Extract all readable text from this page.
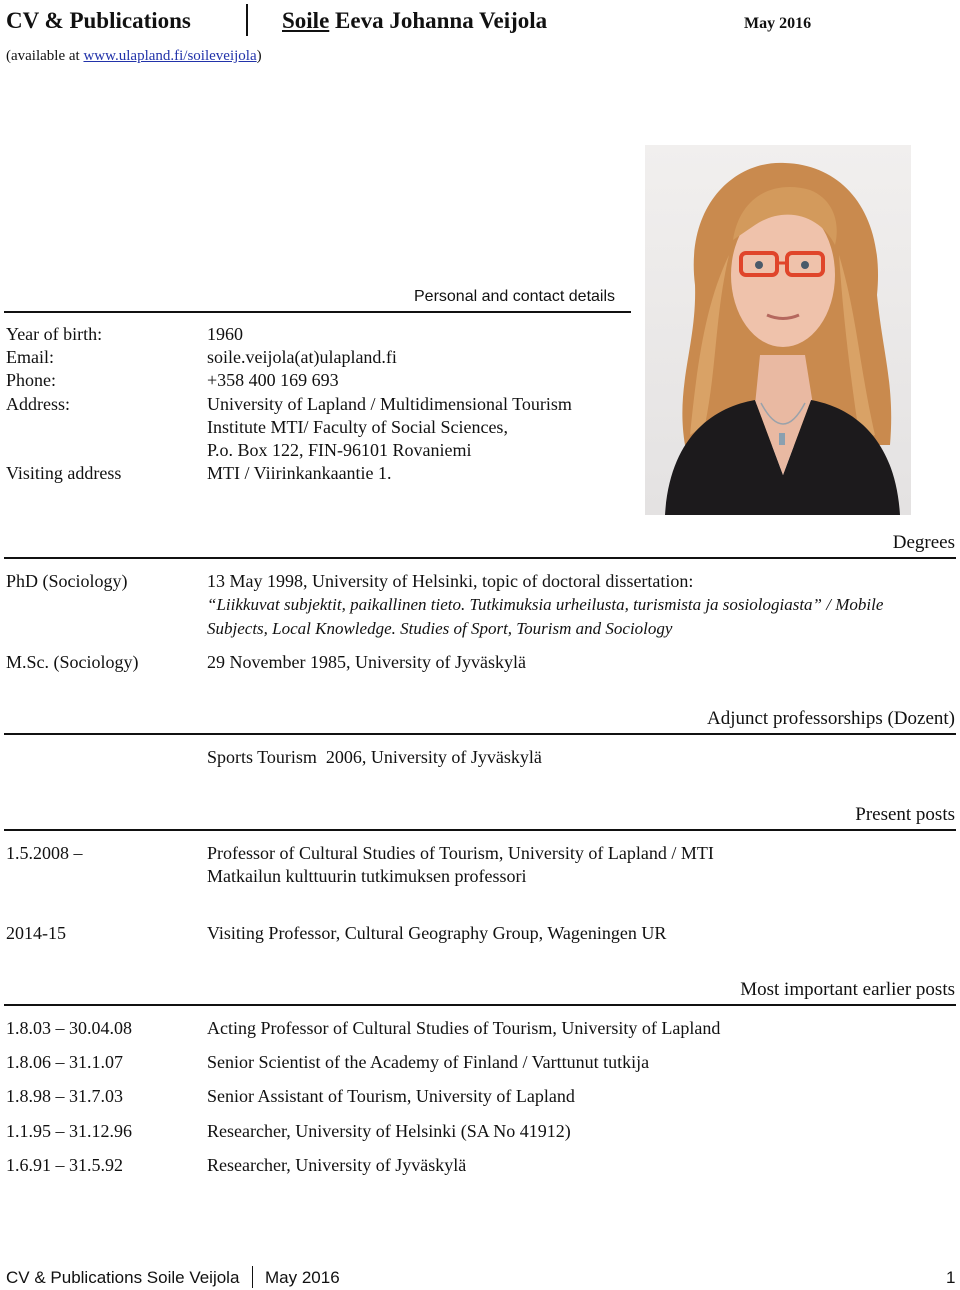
CV & Publications	Soile Eeva Johanna Veijola	May 2016
(available at www.ulapland.fi/soileveijola)
Personal and contact details
Year of birth:	1960
Email:	soile.veijola(at)ulapland.fi
Phone:	+358 400 169 693
Address:	University of Lapland / Multidimensional Tourism
Institute MTI/ Faculty of Social Sciences,
P.o. Box 122, FIN-96101 Rovaniemi
Visiting address	MTI / Viirinkankaantie 1.
Degrees
PhD (Sociology)	13 May 1998, University of Helsinki, topic of doctoral dissertation:
“Liikkuvat subjektit, paikallinen tieto. Tutkimuksia urheilusta, turismista ja sosiologiasta” / Mobile
Subjects, Local Knowledge. Studies of Sport, Tourism and Sociology
M.Sc. (Sociology)	29 November 1985, University of Jyväskylä
Adjunct professorships (Dozent)
Sports Tourism  2006, University of Jyväskylä
Present posts
1.5.2008 –	Professor of Cultural Studies of Tourism, University of Lapland / MTI
Matkailun kulttuurin tutkimuksen professori
2014-15	Visiting Professor, Cultural Geography Group, Wageningen UR
Most important earlier posts
1.8.03 – 30.04.08	Acting Professor of Cultural Studies of Tourism, University of Lapland
1.8.06 – 31.1.07	Senior Scientist of the Academy of Finland / Varttunut tutkija
1.8.98 – 31.7.03	Senior Assistant of Tourism, University of Lapland
1.1.95 – 31.12.96	Researcher, University of Helsinki (SA No 41912)
1.6.91 – 31.5.92	Researcher, University of Jyväskylä
CV & Publications Soile Veijola May 2016	1
